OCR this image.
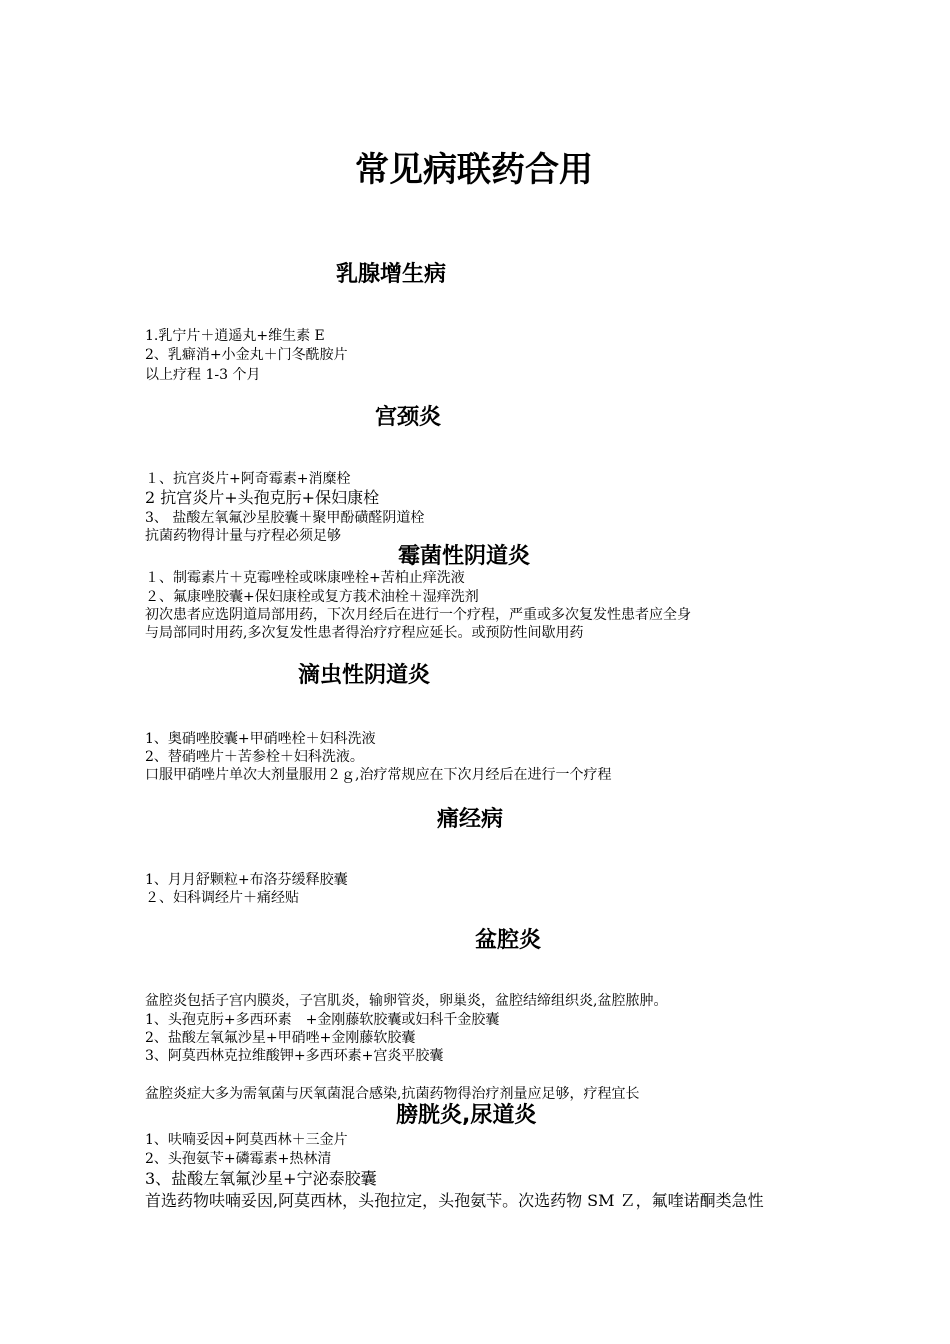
常见病联药合用
乳腺增生病
1.乳宁片＋逍遥丸+维生素 E
2、乳癖消+小金丸＋门冬酰胺片
以上疗程 1-3 个月
宫颈炎
１、抗宫炎片+阿奇霉素+消糜栓
2 抗宫炎片+头孢克肟+保妇康栓
3、 盐酸左氧氟沙星胶囊＋聚甲酚磺醛阴道栓
抗菌药物得计量与疗程必须足够
霉菌性阴道炎
１、制霉素片＋克霉唑栓或咪康唑栓+苦柏止痒洗液
２、氟康唑胶囊+保妇康栓或复方莪术油栓＋湿痒洗剂
初次患者应选阴道局部用药，下次月经后在进行一个疗程，严重或多次复发性患者应全身
与局部同时用药,多次复发性患者得治疗疗程应延长。或预防性间歇用药
滴虫性阴道炎
1、奥硝唑胶囊+甲硝唑栓＋妇科洗液
2、替硝唑片＋苦参栓＋妇科洗液。
口服甲硝唑片单次大剂量服用２ｇ,治疗常规应在下次月经后在进行一个疗程
痛经病
1、月月舒颗粒+布洛芬缓释胶囊
２、妇科调经片＋痛经贴
盆腔炎
盆腔炎包括子宫内膜炎，子宫肌炎，输卵管炎，卵巢炎，盆腔结缔组织炎,盆腔脓肿。
1、头孢克肟+多西环素　+金刚藤软胶囊或妇科千金胶囊
2、盐酸左氧氟沙星+甲硝唑+金刚藤软胶囊
3、阿莫西林克拉维酸钾+多西环素+宫炎平胶囊
盆腔炎症大多为需氧菌与厌氧菌混合感染,抗菌药物得治疗剂量应足够，疗程宜长
膀胱炎,尿道炎
1、呋喃妥因+阿莫西林＋三金片
2、头孢氨苄+磷霉素+热林清
3、盐酸左氧氟沙星+宁泌泰胶囊
首选药物呋喃妥因,阿莫西林，头孢拉定，头孢氨苄。次选药物 SM Ｚ，氟喹诺酮类急性
